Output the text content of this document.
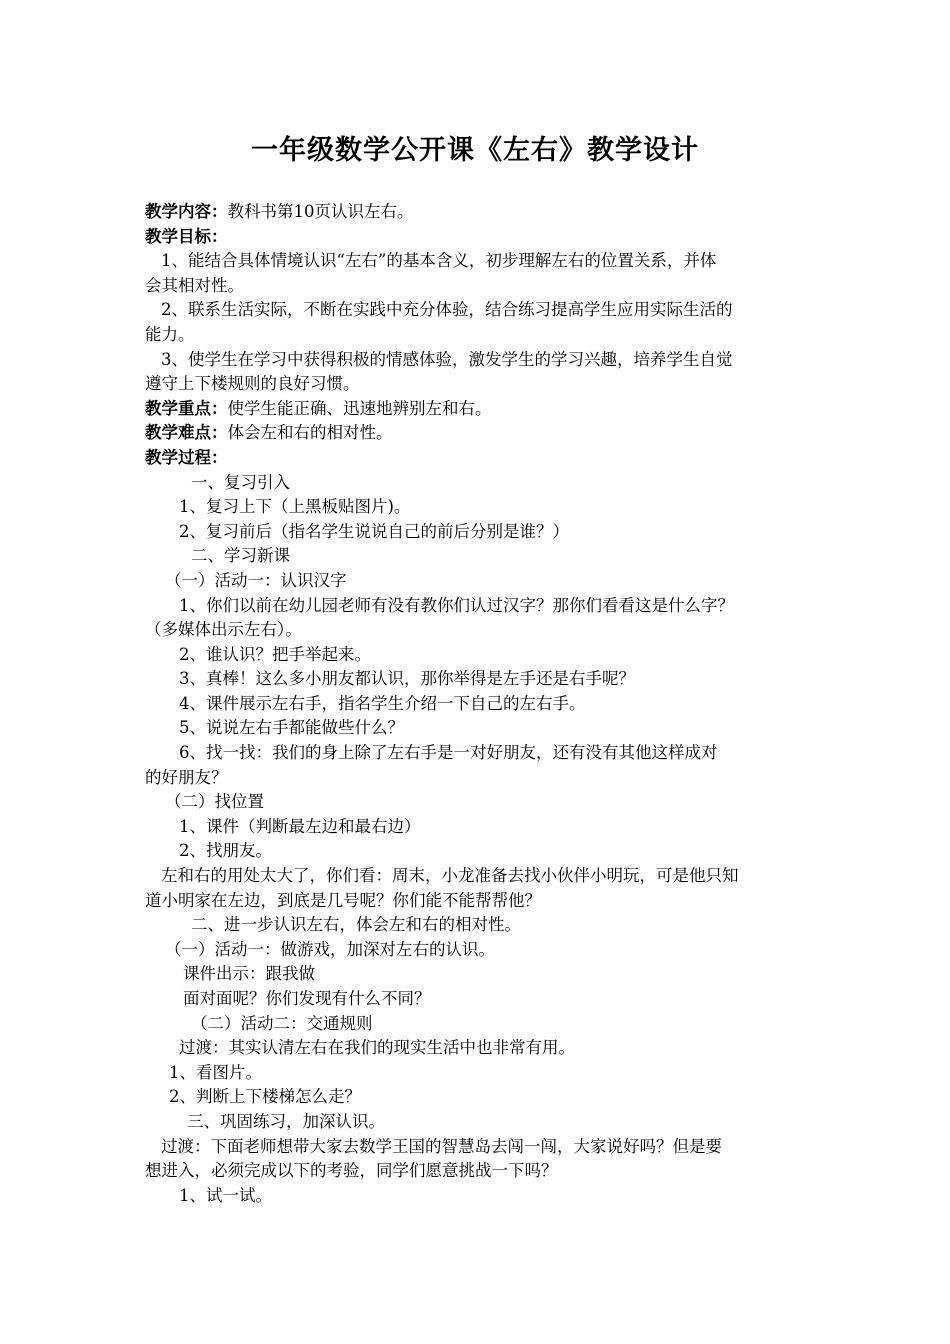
一年级数学公开课《左右》教学设计
教学内容：教科书第10页认识左右。
教学目标：
1、能结合具体情境认识“左右”的基本含义，初步理解左右的位置关系，并体
会其相对性。
2、联系生活实际，不断在实践中充分体验，结合练习提高学生应用实际生活的
能力。
3、使学生在学习中获得积极的情感体验，激发学生的学习兴趣，培养学生自觉
遵守上下楼规则的良好习惯。
教学重点：使学生能正确、迅速地辨别左和右。
教学难点：体会左和右的相对性。
教学过程：
一、复习引入
1、复习上下（上黑板贴图片)。
2、复习前后（指名学生说说自己的前后分别是谁？）
二、学习新课
（一）活动一：认识汉字
1、你们以前在幼儿园老师有没有教你们认过汉字？那你们看看这是什么字？
（多媒体出示左右）。
2、谁认识？把手举起来。
3、真棒！这么多小朋友都认识，那你举得是左手还是右手呢？
4、课件展示左右手，指名学生介绍一下自己的左右手。
5、说说左右手都能做些什么？
6、找一找：我们的身上除了左右手是一对好朋友，还有没有其他这样成对
的好朋友？
（二）找位置
1、课件（判断最左边和最右边）
2、找朋友。
左和右的用处太大了，你们看：周末，小龙准备去找小伙伴小明玩，可是他只知
道小明家在左边，到底是几号呢？你们能不能帮帮他？
二、进一步认识左右，体会左和右的相对性。
（一）活动一：做游戏，加深对左右的认识。
课件出示：跟我做
面对面呢？你们发现有什么不同？
（二）活动二：交通规则
过渡：其实认清左右在我们的现实生活中也非常有用。
1、看图片。
2、判断上下楼梯怎么走？
三、巩固练习，加深认识。
过渡：下面老师想带大家去数学王国的智慧岛去闯一闯，大家说好吗？但是要
想进入，必须完成以下的考验，同学们愿意挑战一下吗？
1、试一试。
